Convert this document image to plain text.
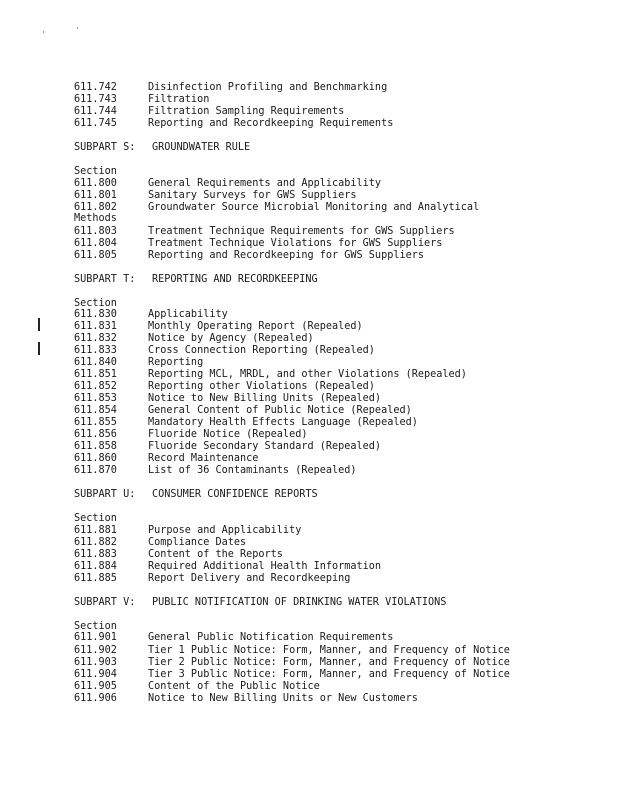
611.742	Disinfection Profiling and Benchmarking
611.743	Filtration
611.744	Filtration Sampling Requirements
611.745	Reporting and Recordkeeping Requirements
SUBPART S: GROUNDWATER RULE
Section
611.800	General Requirements and Applicability
611.801	Sanitary Surveys for GWS Suppliers
611.802	Groundwater Source Microbial Monitoring and Analytical
Methods
611.803	Treatment Technique Requirements for GWS Suppliers
611.804	Treatment Technique Violations for GWS Suppliers
611.805	Reporting and Recordkeeping for GWS Suppliers
SUBPART T: REPORTING AND RECORDKEEPING
Section
611.830	Applicability
611.831	Monthly Operating Report (Repealed)
611.832	Notice by Agency (Repealed)
611.833	Cross Connection Reporting (Repealed)
611.840	Reporting
611.851	Reporting MCL, MRDL, and other Violations (Repealed)
611.852	Reporting other Violations (Repealed)
611.853	Notice to New Billing Units (Repealed)
611.854	General Content of Public Notice (Repealed)
611.855	Mandatory Health Effects Language (Repealed)
611.856	Fluoride Notice (Repealed)
611.858	Fluoride Secondary Standard (Repealed)
611.860	Record Maintenance
611.870	List of 36 Contaminants (Repealed)
SUBPART U: CONSUMER CONFIDENCE REPORTS
Section
611.881	Purpose and Applicability
611.882	Compliance Dates
611.883	Content of the Reports
611.884	Required Additional Health Information
611.885	Report Delivery and Recordkeeping
SUBPART V: PUBLIC NOTIFICATION OF DRINKING WATER VIOLATIONS
Section
611.901	General Public Notification Requirements
611.902	Tier 1 Public Notice: Form, Manner, and Frequency of Notice
611.903	Tier 2 Public Notice: Form, Manner, and Frequency of Notice
611.904	Tier 3 Public Notice: Form, Manner, and Frequency of Notice
611.905	Content of the Public Notice
611.906	Notice to New Billing Units or New Customers
